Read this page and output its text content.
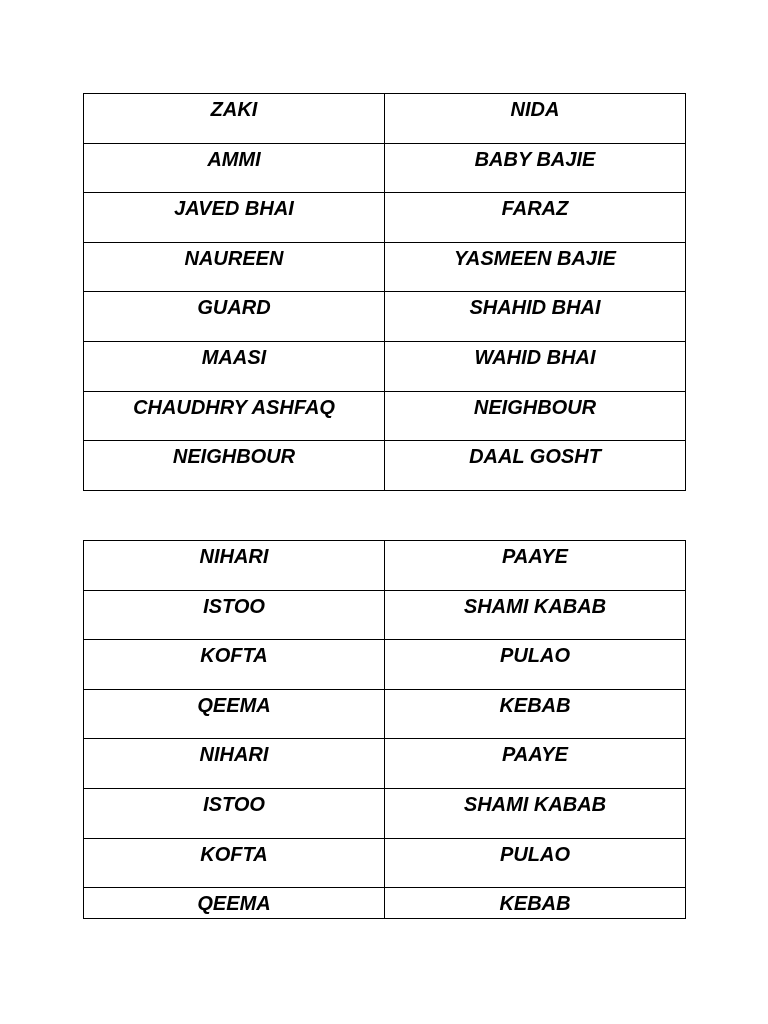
ZAKI	NIDA
AMMI	BABY BAJIE
JAVED BHAI	FARAZ
NAUREEN	YASMEEN BAJIE
GUARD	SHAHID BHAI
MAASI	WAHID BHAI
CHAUDHRY ASHFAQ	NEIGHBOUR
NEIGHBOUR	DAAL GOSHT
NIHARI	PAAYE
ISTOO	SHAMI KABAB
KOFTA	PULAO
QEEMA	KEBAB
NIHARI	PAAYE
ISTOO	SHAMI KABAB
KOFTA	PULAO
QEEMA	KEBAB
